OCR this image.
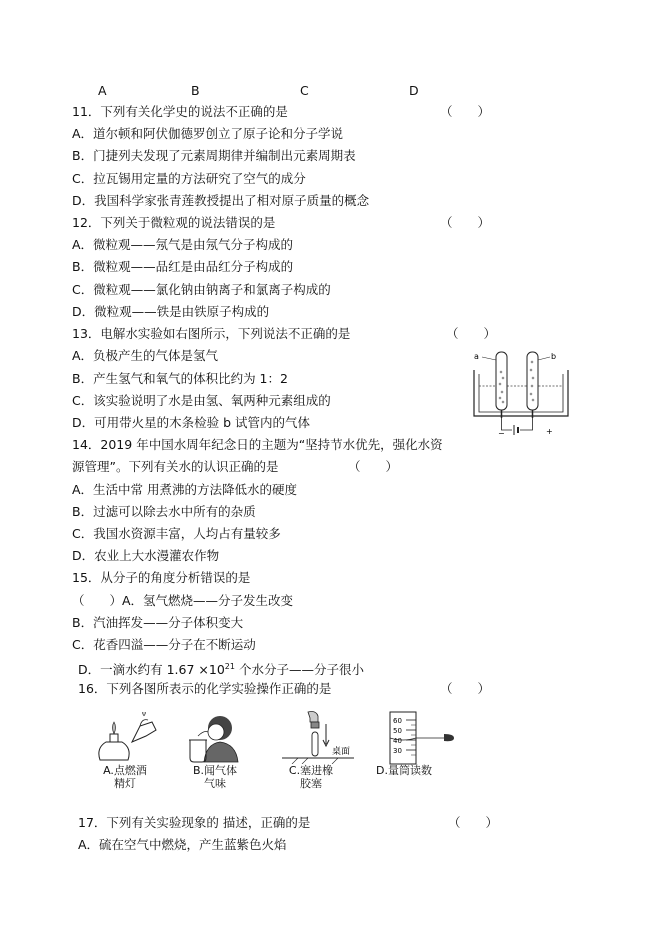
A	B	C	D
11．下列有关化学史的说法不正确的是	（　　）
A．道尔顿和阿伏伽德罗创立了原子论和分子学说
B．门捷列夫发现了元素周期律并编制出元素周期表
C．拉瓦锡用定量的方法研究了空气的成分
D．我国科学家张青莲教授提出了相对原子质量的概念
12．下列关于微粒观的说法错误的是	（　　）
A．微粒观——氖气是由氖气分子构成的
B．微粒观——品红是由品红分子构成的
C．微粒观——氯化钠由钠离子和氯离子构成的
D．微粒观——铁是由铁原子构成的
13．电解水实验如右图所示，下列说法不正确的是	（　　）
A．负极产生的气体是氢气
B．产生氢气和氧气的体积比约为 1：2
C．该实验说明了水是由氢、氧两种元素组成的
D．可用带火星的木条检验 b 试管内的气体
a	b
−	+
14．2019 年中国水周年纪念日的主题为“坚持节水优先，强化水资
源管理”。下列有关水的认识正确的是	（　　）
A．生活中常 用煮沸的方法降低水的硬度
B．过滤可以除去水中所有的杂质
C．我国水资源丰富，人均占有量较多
D．农业上大水漫灌农作物
15．从分子的角度分析错误的是
（　　）A．氢气燃烧——分子发生改变
B．汽油挥发——分子体积变大
C．花香四溢——分子在不断运动
D．一滴水约有 $1.67 \times 10^{21}$ 个水分子——分子很小
16．下列各图所表示的化学实验操作正确的是	（　　）
A.点燃酒
精灯
B.闻气体
气味
桌面
C.塞进橡
胶塞
60
50
40
30
D.量筒读数
17．下列有关实验现象的 描述，正确的是	（　　）
A．硫在空气中燃烧，产生蓝紫色火焰
